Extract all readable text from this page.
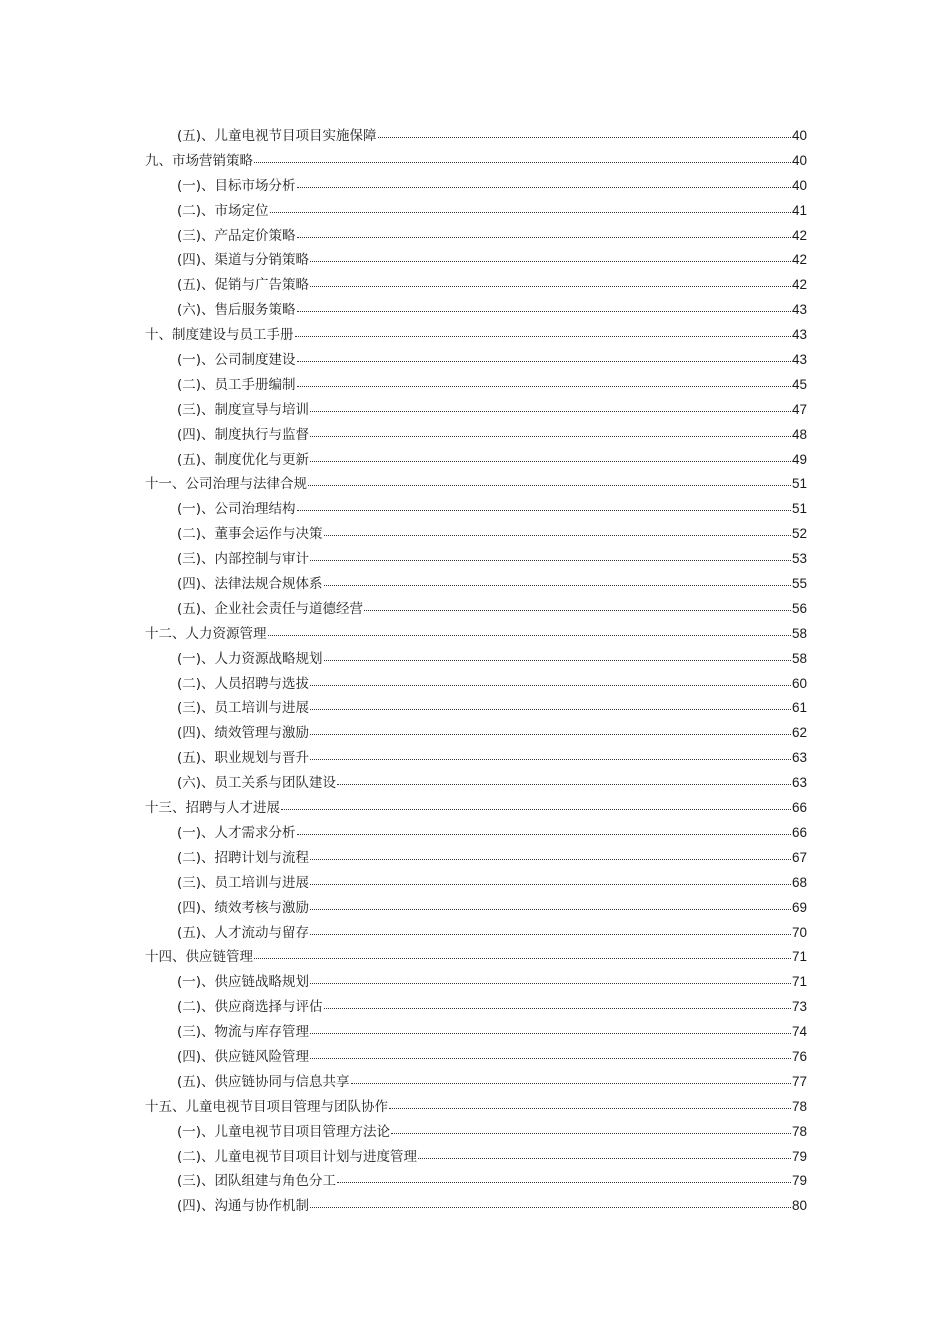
(五)、儿童电视节目项目实施保障	40
九、市场营销策略	40
(一)、目标市场分析	40
(二)、市场定位	41
(三)、产品定价策略	42
(四)、渠道与分销策略	42
(五)、促销与广告策略	42
(六)、售后服务策略	43
十、制度建设与员工手册	43
(一)、公司制度建设	43
(二)、员工手册编制	45
(三)、制度宣导与培训	47
(四)、制度执行与监督	48
(五)、制度优化与更新	49
十一、公司治理与法律合规	51
(一)、公司治理结构	51
(二)、董事会运作与决策	52
(三)、内部控制与审计	53
(四)、法律法规合规体系	55
(五)、企业社会责任与道德经营	56
十二、人力资源管理	58
(一)、人力资源战略规划	58
(二)、人员招聘与选拔	60
(三)、员工培训与进展	61
(四)、绩效管理与激励	62
(五)、职业规划与晋升	63
(六)、员工关系与团队建设	63
十三、招聘与人才进展	66
(一)、人才需求分析	66
(二)、招聘计划与流程	67
(三)、员工培训与进展	68
(四)、绩效考核与激励	69
(五)、人才流动与留存	70
十四、供应链管理	71
(一)、供应链战略规划	71
(二)、供应商选择与评估	73
(三)、物流与库存管理	74
(四)、供应链风险管理	76
(五)、供应链协同与信息共享	77
十五、儿童电视节目项目管理与团队协作	78
(一)、儿童电视节目项目管理方法论	78
(二)、儿童电视节目项目计划与进度管理	79
(三)、团队组建与角色分工	79
(四)、沟通与协作机制	80
